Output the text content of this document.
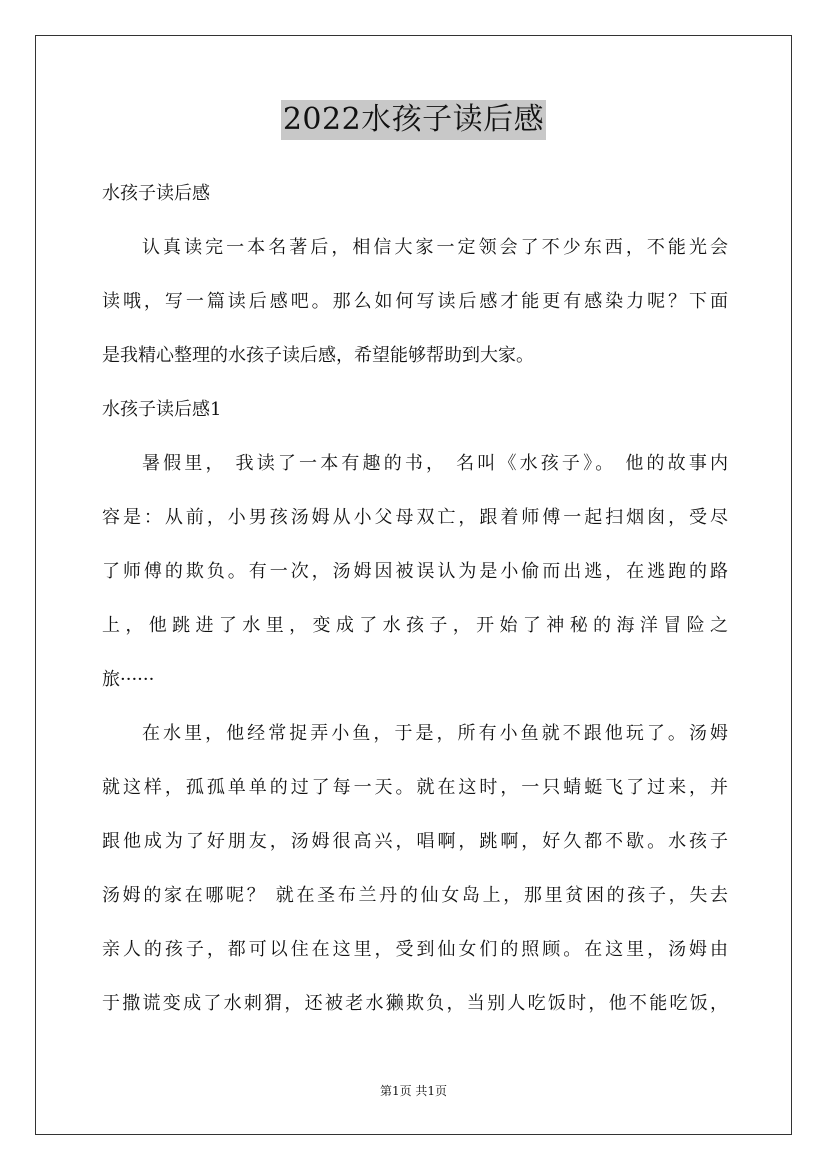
2022水孩子读后感
水孩子读后感
认真读完一本名著后，相信大家一定领会了不少东西，不能光会
读哦，写一篇读后感吧。那么如何写读后感才能更有感染力呢？下面
是我精心整理的水孩子读后感，希望能够帮助到大家。
水孩子读后感1
暑假里， 我读了一本有趣的书， 名叫《水孩子》。 他的故事内
容是：从前，小男孩汤姆从小父母双亡，跟着师傅一起扫烟囱，受尽
了师傅的欺负。有一次，汤姆因被误认为是小偷而出逃，在逃跑的路
上，他跳进了水里，变成了水孩子，开始了神秘的海洋冒险之
旅······
在水里，他经常捉弄小鱼，于是，所有小鱼就不跟他玩了。汤姆
就这样，孤孤单单的过了每一天。就在这时，一只蜻蜓飞了过来，并
跟他成为了好朋友，汤姆很高兴，唱啊，跳啊，好久都不歇。水孩子
汤姆的家在哪呢？ 就在圣布兰丹的仙女岛上，那里贫困的孩子，失去
亲人的孩子，都可以住在这里，受到仙女们的照顾。在这里，汤姆由
于撒谎变成了水刺猬，还被老水獭欺负，当别人吃饭时，他不能吃饭，
第1页 共1页
